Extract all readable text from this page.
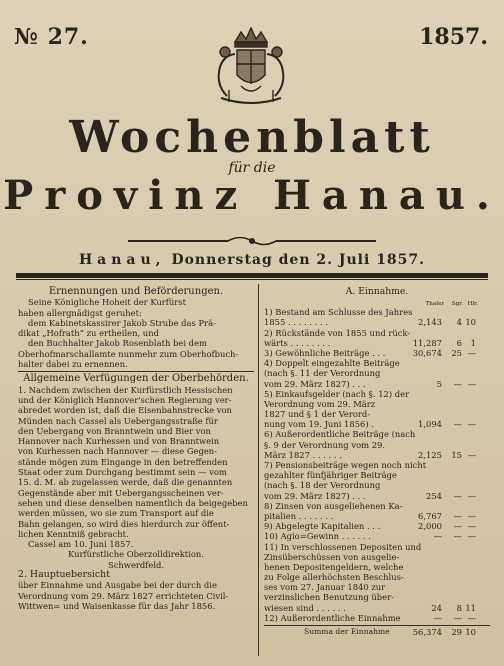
№ 27.	1857.
Wochenblatt
für die
Provinz Hanau.
Hanau, Donnerstag den 2. Juli 1857.
Ernennungen und Beförderungen.
Seine Königliche Hoheit der Kurfürst
haben allergnädigst geruhet:
dem Kabinetskassirer Jakob Strube das Prä-
dikat „Hofrath“ zu ertheilen, und
den Buchhalter Jakob Rosenblath bei dem
Oberhofmarschallamte nunmehr zum Oberhofbuch-
halter dabei zu ernennen.
Allgemeine Verfügungen der Oberbehörden.
1. Nachdem zwischen der Kurfürstlich Hessischen
und der Königlich Hannover'schen Regierung ver-
abredet worden ist, daß die Eisenbahnstrecke von
Münden nach Cassel als Uebergangsstraße für
den Uebergang von Branntwein und Bier von
Hannover nach Kurhessen und von Branntwein
von Kurhessen nach Hannover — diese Gegen-
stände mögen zum Eingange in den betreffenden
Staat oder zum Durchgang bestimmt sein — vom
15. d. M. ab zugelassen werde, daß die genannten
Gegenstände aber mit Uebergangsscheinen ver-
sehen und diese denselben namentlich da beigegeben
werden müssen, wo sie zum Transport auf die
Bahn gelangen, so wird dies hierdurch zur öffent-
lichen Kenntniß gebracht.
Cassel am 10. Juni 1857.
Kurfürstliche Oberzolldirektion.
Schwerdfeld.
2. Hauptuebersicht
über Einnahme und Ausgabe bei der durch die
Verordnung vom 29. März 1827 errichteten Civil-
Wittwen= und Waisenkasse für das Jahr 1856.
A. Einnahme.
Thaler Sgr. Hlr.
1) Bestand am Schlusse des Jahres
1855 . . . . . . . .	2,143 4 10
2) Rückstände von 1855 und rück-
wärts . . . . . . . .	11,287 6 1
3) Gewöhnliche Beiträge . . .	30,674 25 —
4) Doppelt eingezahlte Beiträge
(nach §. 11 der Verordnung
vom 29. März 1827) . . .	5 — —
5) Einkaufsgelder (nach §. 12) der
Verordnung vom 29. März
1827 und § 1 der Verord-
nung vom 19. Juni 1856) .	1,094 — —
6) Außerordentliche Beiträge (nach
§. 9 der Verordnung vom 29.
März 1827 . . . . . .	2,125 15 —
7) Pensionsbeiträge wegen noch nicht
gezahlter fünfjähriger Beiträge
(nach §. 18 der Verordnung
vom 29. März 1827) . . .	254 — —
8) Zinsen von ausgeliehenen Ka-
pitalien . . . . . . .	6,767 — —
9) Abgelegte Kapitalien . . .	2,000 — —
10) Agio=Gewinn . . . . . .	— — —
11) In verschlossenen Depositen und
Zinsüberschüssen von ausgelie-
henen Depositengeldern, welche
zu Folge allerhöchsten Beschlus-
ses vom 27. Januar 1840 zur
verzinslichen Benutzung über-
wiesen sind . . . . . .	24 8 11
12) Außerordentliche Einnahme	— — —
Summa der Einnahme	56,374 29 10
